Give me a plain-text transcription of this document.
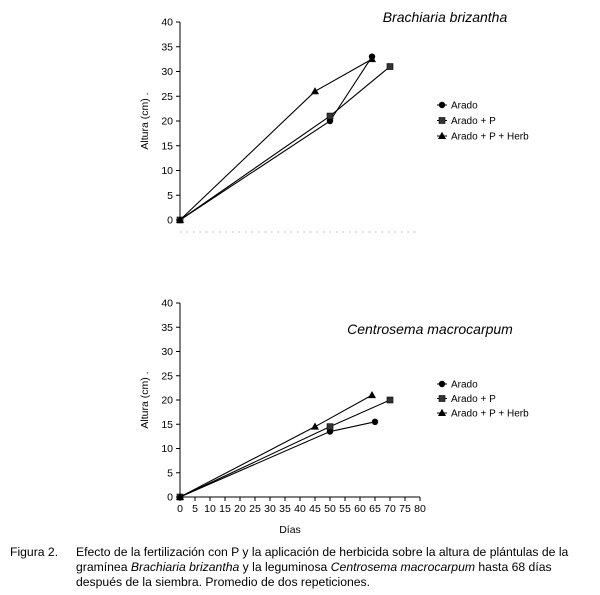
0
5
10
15
20
25
30
35
40
Altura (cm) .
Brachiaria brizantha
Arado
Arado + P
Arado + P + Herb
0 5 10 15 20 25 30 35 40 45 50 55 60 65 70 75 80
0
5
10
15
20
25
30
35
40
Altura (cm) .
Días
Centrosema macrocarpum
Arado
Arado + P
Arado + P + Herb
Figura 2. Efecto de la fertilización con P y la aplicación de herbicida sobre la altura de plántulas de la gramínea Brachiaria brizantha y la leguminosa Centrosema macrocarpum hasta 68 días después de la siembra. Promedio de dos repeticiones.
